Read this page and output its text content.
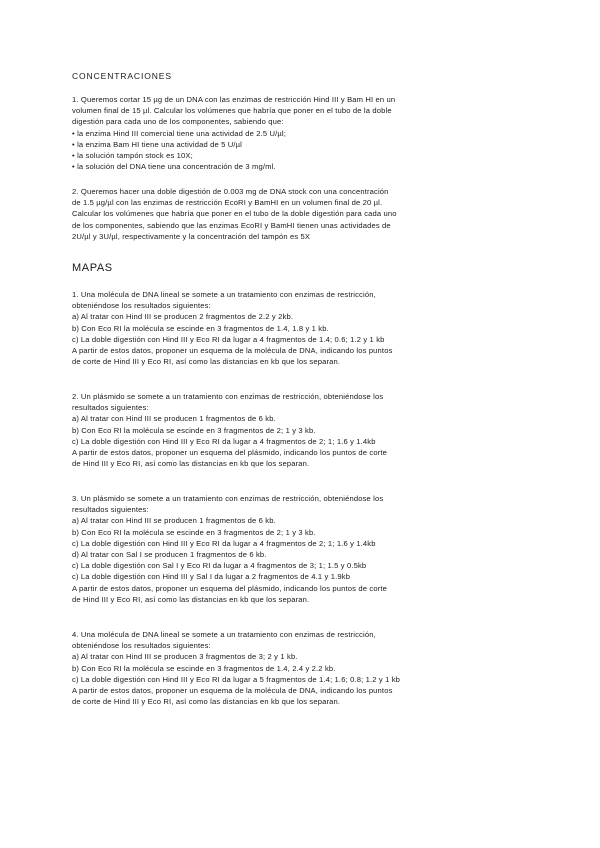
CONCENTRACIONES
1. Queremos cortar 15 µg de un DNA con las enzimas de restricción Hind III y Bam HI en un
volumen final de 15 µl. Calcular los volúmenes que habría que poner en el tubo de la doble
digestión para cada uno de los componentes, sabiendo que:
• la enzima Hind III comercial tiene una actividad de 2.5 U/µl;
• la enzima Bam HI tiene una actividad de 5 U/µl
• la solución tampón stock es 10X;
• la solución del DNA tiene una concentración de 3 mg/ml.
2. Queremos hacer una doble digestión de 0.003 mg de DNA stock con una concentración
de 1.5 µg/µl con las enzimas de restricción EcoRI y BamHI en un volumen final de 20 µl.
Calcular los volúmenes que habría que poner en el tubo de la doble digestión para cada uno
de los componentes, sabiendo que las enzimas EcoRI y BamHI tienen unas actividades de
2U/µl y 3U/µl, respectivamente y la concentración del tampón es 5X
MAPAS
1. Una molécula de DNA lineal se somete a un tratamiento con enzimas de restricción,
obteniéndose los resultados siguientes:
a) Al tratar con Hind III se producen 2 fragmentos de 2.2 y 2kb.
b) Con Eco RI la molécula se escinde en 3 fragmentos de 1.4, 1.8 y 1 kb.
c) La doble digestión con Hind III y Eco RI da lugar a 4 fragmentos de 1.4; 0.6; 1.2 y 1 kb
A partir de estos datos, proponer un esquema de la molécula de DNA, indicando los puntos
de corte de Hind III y Eco RI, así como las distancias en kb que los separan.
2. Un plásmido se somete a un tratamiento con enzimas de restricción, obteniéndose los
resultados siguientes:
a) Al tratar con Hind III se producen 1 fragmentos de 6 kb.
b) Con Eco RI la molécula se escinde en 3 fragmentos de 2; 1 y 3 kb.
c) La doble digestión con Hind III y Eco RI da lugar a 4 fragmentos de 2; 1; 1.6 y 1.4kb
A partir de estos datos, proponer un esquema del plásmido, indicando los puntos de corte
de Hind III y Eco RI, así como las distancias en kb que los separan.
3. Un plásmido se somete a un tratamiento con enzimas de restricción, obteniéndose los
resultados siguientes:
a) Al tratar con Hind III se producen 1 fragmentos de 6 kb.
b) Con Eco RI la molécula se escinde en 3 fragmentos de 2; 1 y 3 kb.
c) La doble digestión con Hind III y Eco RI da lugar a 4 fragmentos de 2; 1; 1.6 y 1.4kb
d) Al tratar con Sal I se producen 1 fragmentos de 6 kb.
c) La doble digestión con Sal I y Eco RI da lugar a 4 fragmentos de 3; 1; 1.5 y 0.5kb
c) La doble digestión con Hind III y Sal I da lugar a 2 fragmentos de 4.1 y 1.9kb
A partir de estos datos, proponer un esquema del plásmido, indicando los puntos de corte
de Hind III y Eco RI, así como las distancias en kb que los separan.
4. Una molécula de DNA lineal se somete a un tratamiento con enzimas de restricción,
obteniéndose los resultados siguientes:
a) Al tratar con Hind III se producen 3 fragmentos de 3; 2 y 1 kb.
b) Con Eco RI la molécula se escinde en 3 fragmentos de 1.4, 2.4 y 2.2 kb.
c) La doble digestión con Hind III y Eco RI da lugar a 5 fragmentos de 1.4; 1.6; 0.8; 1.2 y 1 kb
A partir de estos datos, proponer un esquema de la molécula de DNA, indicando los puntos
de corte de Hind III y Eco RI, así como las distancias en kb que los separan.
